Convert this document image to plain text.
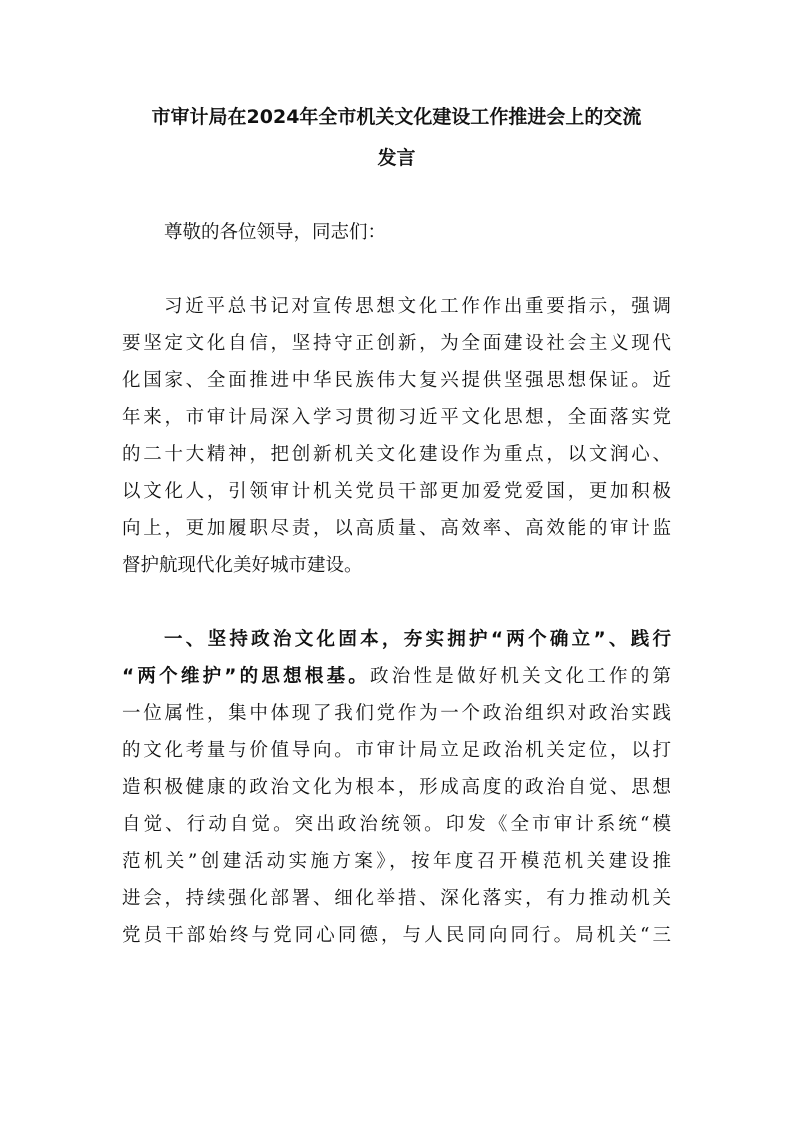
市审计局在2024年全市机关文化建设工作推进会上的交流
发言
尊敬的各位领导，同志们：
习近平总书记对宣传思想文化工作作出重要指示，强调
要坚定文化自信，坚持守正创新，为全面建设社会主义现代
化国家、全面推进中华民族伟大复兴提供坚强思想保证。近
年来，市审计局深入学习贯彻习近平文化思想，全面落实党
的二十大精神，把创新机关文化建设作为重点，以文润心、
以文化人，引领审计机关党员干部更加爱党爱国，更加积极
向上，更加履职尽责，以高质量、高效率、高效能的审计监
督护航现代化美好城市建设。
一、坚持政治文化固本，夯实拥护“两个确立”、践行
“两个维护”的思想根基。政治性是做好机关文化工作的第
一位属性，集中体现了我们党作为一个政治组织对政治实践
的文化考量与价值导向。市审计局立足政治机关定位，以打
造积极健康的政治文化为根本，形成高度的政治自觉、思想
自觉、行动自觉。突出政治统领。印发《全市审计系统“模
范机关”创建活动实施方案》，按年度召开模范机关建设推
进会，持续强化部署、细化举措、深化落实，有力推动机关
党员干部始终与党同心同德，与人民同向同行。局机关“三
